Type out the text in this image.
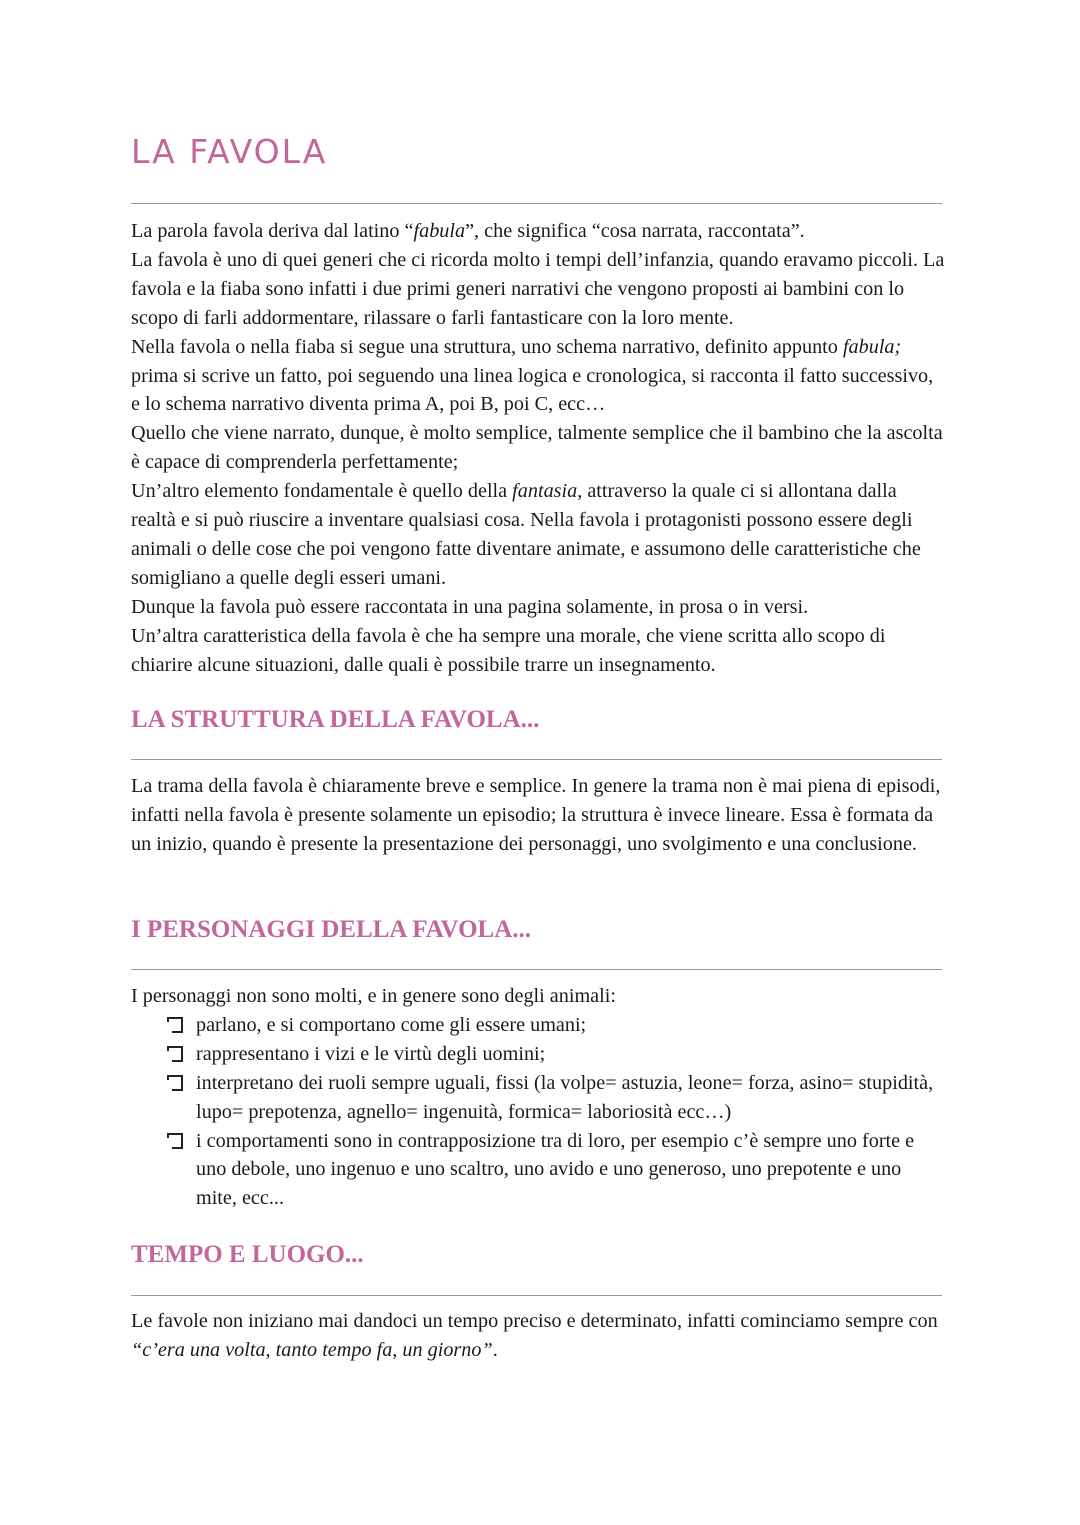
LA FAVOLA

La parola favola deriva dal latino “fabula”, che significa “cosa narrata, raccontata”.

La favola è uno di quei generi che ci ricorda molto i tempi dell’infanzia, quando eravamo piccoli. La favola e la fiaba sono infatti i due primi generi narrativi che vengono proposti ai bambini con lo scopo di farli addormentare, rilassare o farli fantasticare con la loro mente.

Nella favola o nella fiaba si segue una struttura, uno schema narrativo, definito appunto fabula; prima si scrive un fatto, poi seguendo una linea logica e cronologica, si racconta il fatto successivo, e lo schema narrativo diventa prima A, poi B, poi C, ecc…

Quello che viene narrato, dunque, è molto semplice, talmente semplice che il bambino che la ascolta è capace di comprenderla perfettamente;

Un’altro elemento fondamentale è quello della fantasia, attraverso la quale ci si allontana dalla realtà e si può riuscire a inventare qualsiasi cosa. Nella favola i protagonisti possono essere degli animali o delle cose che poi vengono fatte diventare animate, e assumono delle caratteristiche che somigliano a quelle degli esseri umani.

Dunque la favola può essere raccontata in una pagina solamente, in prosa o in versi.

Un’altra caratteristica della favola è che ha sempre una morale, che viene scritta allo scopo di chiarire alcune situazioni, dalle quali è possibile trarre un insegnamento.

LA STRUTTURA DELLA FAVOLA...

La trama della favola è chiaramente breve e semplice. In genere la trama non è mai piena di episodi, infatti nella favola è presente solamente un episodio; la struttura è invece lineare. Essa è formata da un inizio, quando è presente la presentazione dei personaggi, uno svolgimento e una conclusione.

I PERSONAGGI DELLA FAVOLA...

I personaggi non sono molti, e in genere sono degli animali:

parlano, e si comportano come gli essere umani;
rappresentano i vizi e le virtù degli uomini;
interpretano dei ruoli sempre uguali, fissi (la volpe= astuzia, leone= forza, asino= stupidità, lupo= prepotenza, agnello= ingenuità, formica= laboriosità ecc…)
i comportamenti sono in contrapposizione tra di loro, per esempio c’è sempre uno forte e uno debole, uno ingenuo e uno scaltro, uno avido e uno generoso, uno prepotente e uno mite, ecc...
TEMPO E LUOGO...

Le favole non iniziano mai dandoci un tempo preciso e determinato, infatti cominciamo sempre con “c’era una volta, tanto tempo fa, un giorno”.
